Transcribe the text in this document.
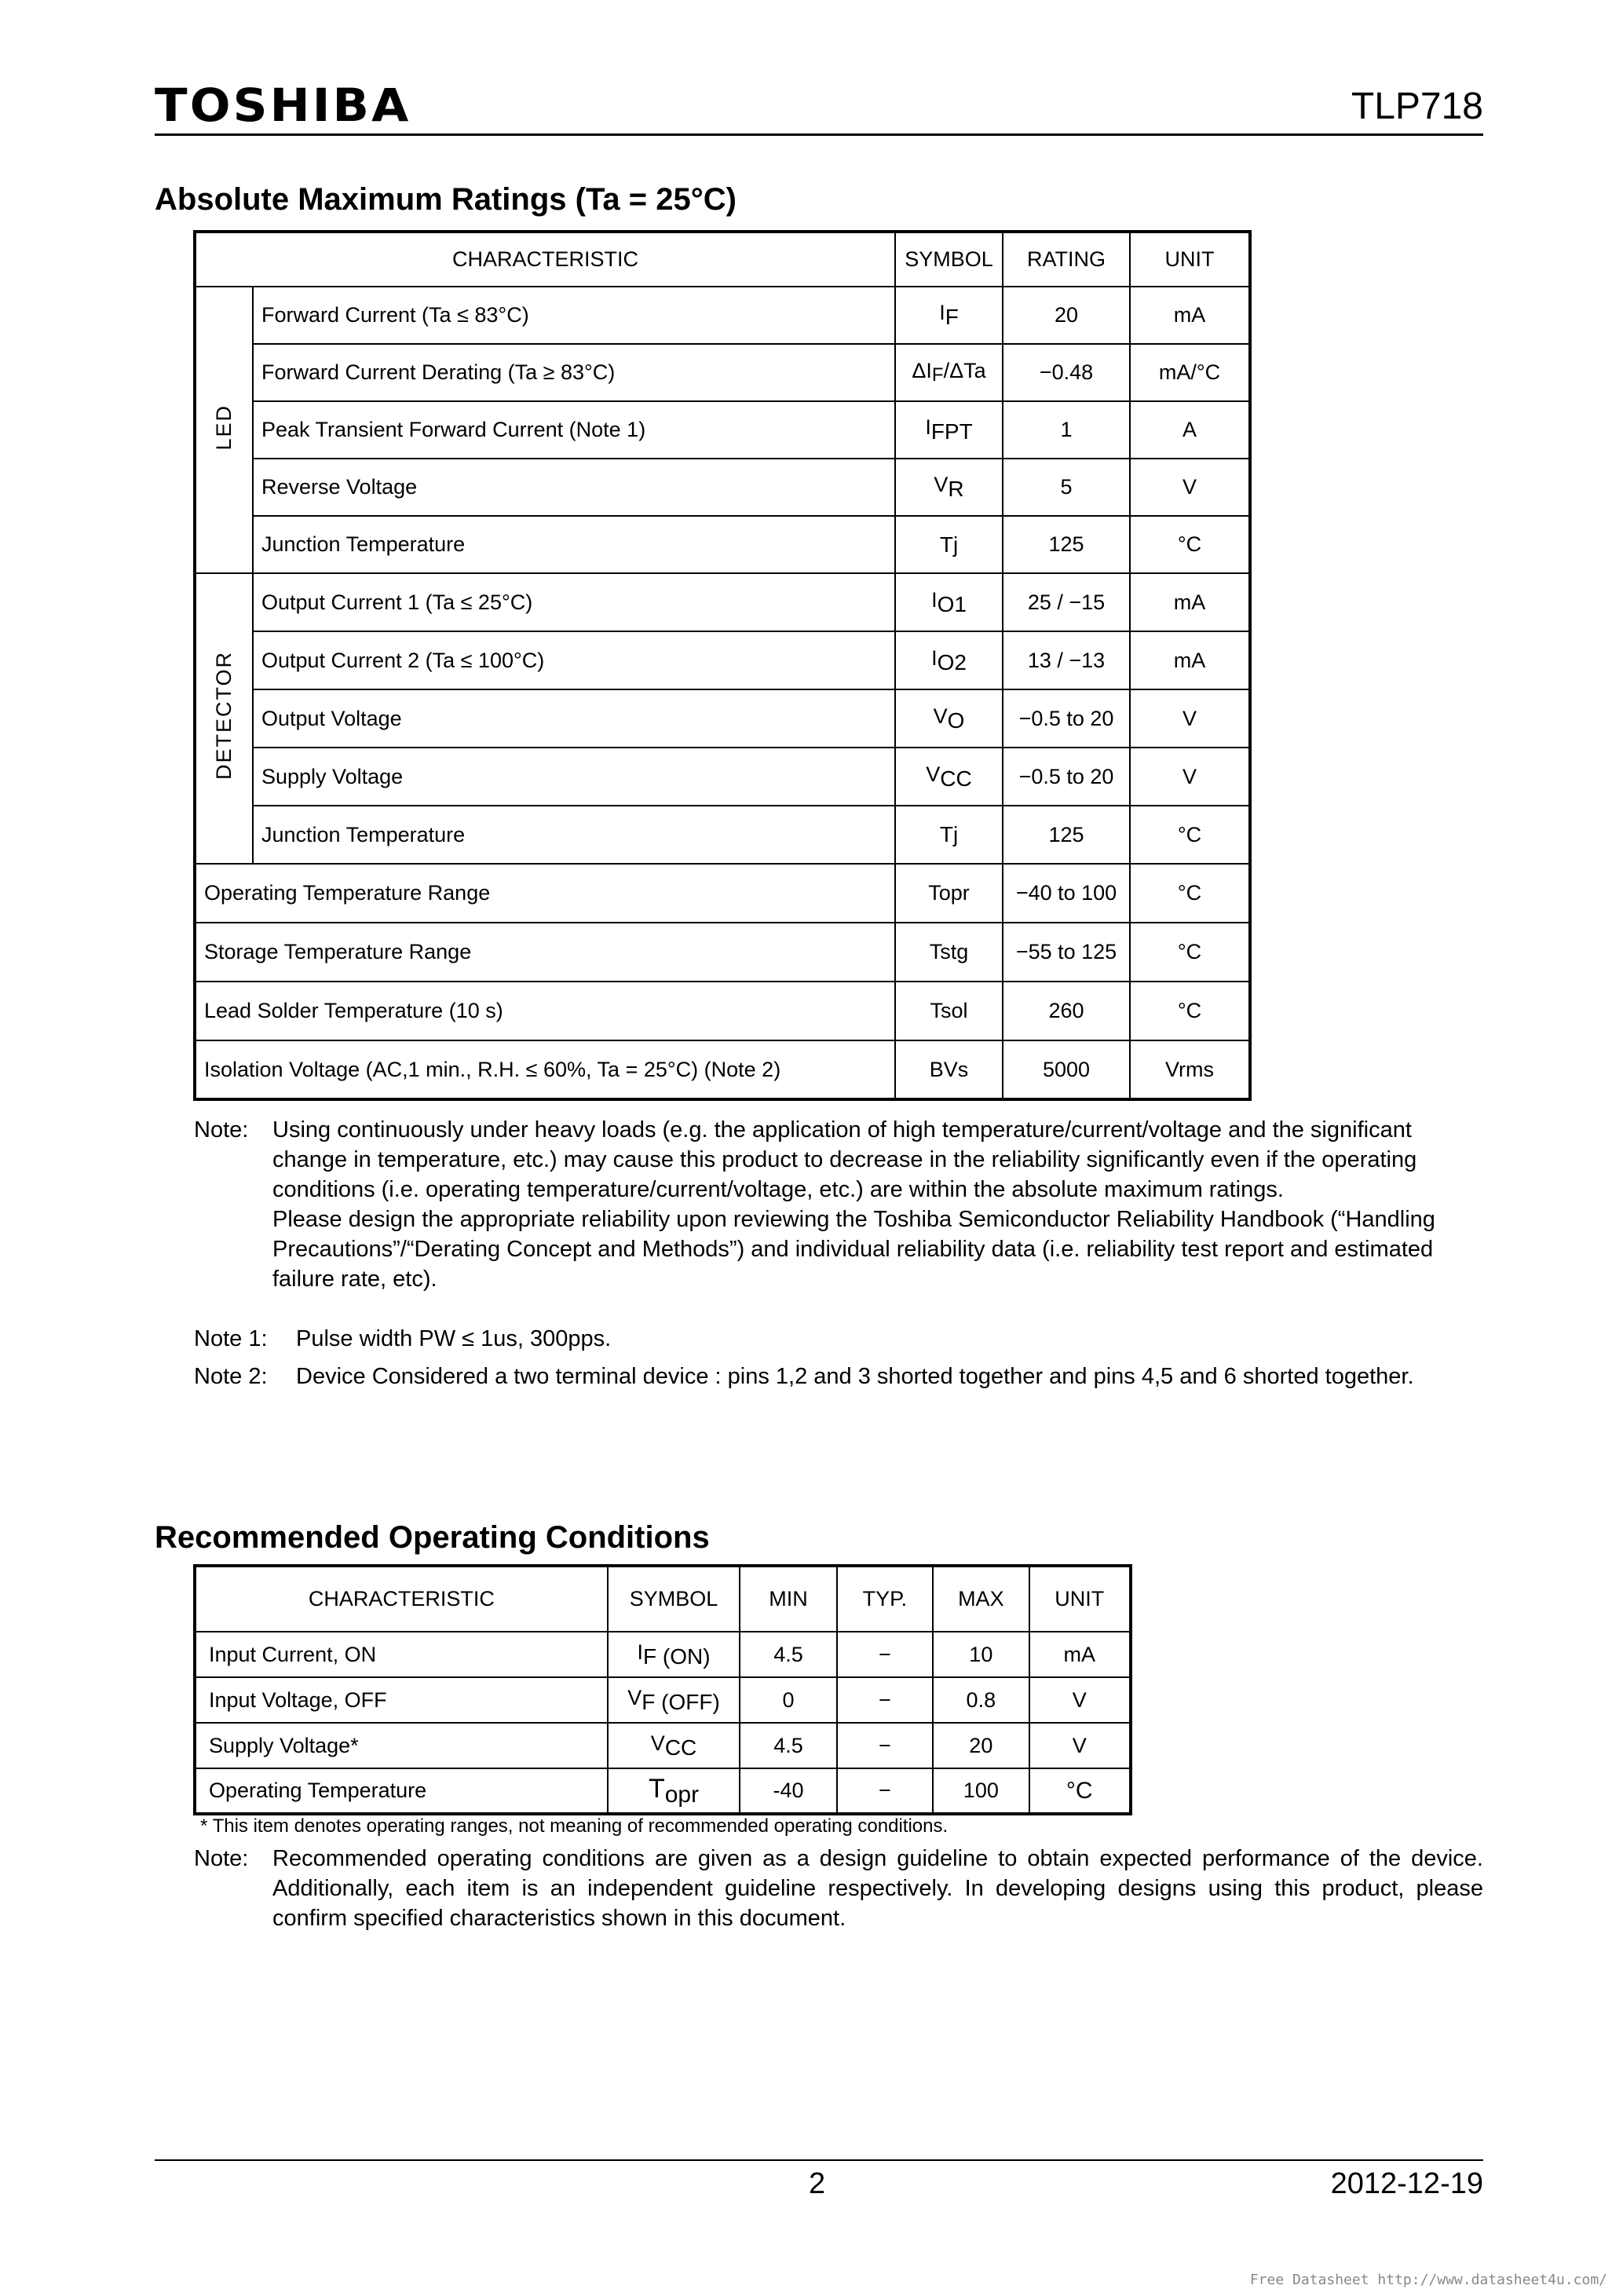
TOSHIBA	TLP718
Absolute Maximum Ratings (Ta = 25°C)
CHARACTERISTIC		SYMBOL	RATING	UNIT
LED	Forward Current (Ta ≤ 83°C)	$I_F$	20	mA
	Forward Current Derating (Ta ≥ 83°C)	$\Delta I_F$/ΔTa	−0.48	mA/°C
	Peak Transient Forward Current (Note 1)	$I_{FPT}$	1	A
	Reverse Voltage	$V_R$	5	V
	Junction Temperature	Tj	125	°C
DETECTOR	Output Current 1 (Ta ≤ 25°C)	$I_{O1}$	25 / −15	mA
	Output Current 2 (Ta ≤ 100°C)	$I_{O2}$	13 / −13	mA
	Output Voltage	$V_O$	−0.5 to 20	V
	Supply Voltage	$V_{CC}$	−0.5 to 20	V
	Junction Temperature	Tj	125	°C
Operating Temperature Range		Topr	−40 to 100	°C
Storage Temperature Range		Tstg	−55 to 125	°C
Lead Solder Temperature (10 s)		Tsol	260	°C
Isolation Voltage (AC,1 min., R.H. ≤ 60%, Ta = 25°C) (Note 2)		BVs	5000	Vrms
Note:	Using continuously under heavy loads (e.g. the application of high temperature/current/voltage and the significant change in temperature, etc.) may cause this product to decrease in the reliability significantly even if the operating conditions (i.e. operating temperature/current/voltage, etc.) are within the absolute maximum ratings.
Please design the appropriate reliability upon reviewing the Toshiba Semiconductor Reliability Handbook (“Handling Precautions”/“Derating Concept and Methods”) and individual reliability data (i.e. reliability test report and estimated failure rate, etc).
Note 1:	Pulse width PW ≤ 1us, 300pps.
Note 2:	Device Considered a two terminal device : pins 1,2 and 3 shorted together and pins 4,5 and 6 shorted together.
Recommended Operating Conditions
CHARACTERISTIC	SYMBOL	MIN	TYP.	MAX	UNIT
Input Current, ON	$I_{F (ON)}$	4.5	−	10	mA
Input Voltage, OFF	$V_{F (OFF)}$	0	−	0.8	V
Supply Voltage*	$V_{CC}$	4.5	−	20	V
Operating Temperature	$T_{opr}$	-40	−	100	°C
* This item denotes operating ranges, not meaning of recommended operating conditions.
Note:	Recommended operating conditions are given as a design guideline to obtain expected performance of the device. Additionally, each item is an independent guideline respectively. In developing designs using this product, please confirm specified characteristics shown in this document.
2	2012-12-19
Free Datasheet http://www.datasheet4u.com/
